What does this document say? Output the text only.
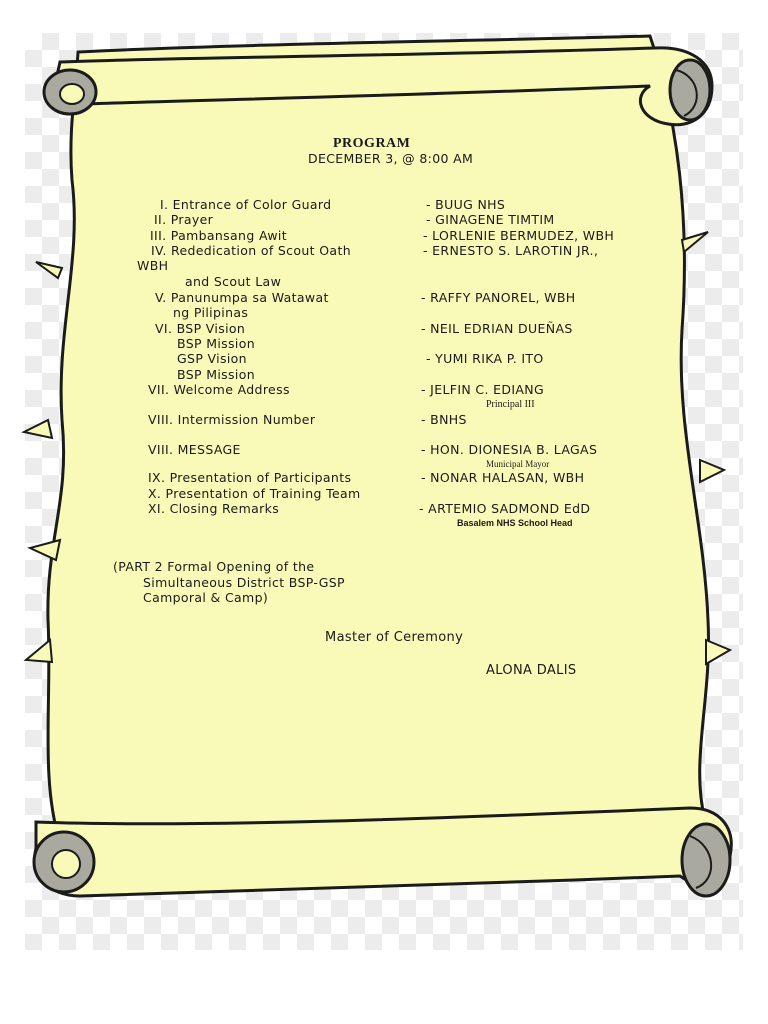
PROGRAM
DECEMBER 3, @ 8:00 AM
I. Entrance of Color Guard
II. Prayer
III. Pambansang Awit
IV. Rededication of Scout Oath
WBH
and Scout Law
V. Panunumpa sa Watawat
ng Pilipinas
VI. BSP Vision
BSP Mission
GSP Vision
BSP Mission
VII. Welcome Address
VIII. Intermission Number
VIII. MESSAGE
IX. Presentation of Participants
X. Presentation of Training Team
XI. Closing Remarks
- BUUG NHS
- GINAGENE TIMTIM
- LORLENIE BERMUDEZ, WBH
- ERNESTO S. LAROTIN JR.,
- RAFFY PANOREL, WBH
- NEIL EDRIAN DUEÑAS
- YUMI RIKA P. ITO
- JELFIN C. EDIANG
Principal III
- BNHS
- HON. DIONESIA B. LAGAS
Municipal Mayor
- NONAR HALASAN, WBH
- ARTEMIO SADMOND EdD
Basalem NHS School Head
(PART 2 Formal Opening of the
Simultaneous District BSP-GSP
Camporal & Camp)
Master of Ceremony
ALONA DALIS
